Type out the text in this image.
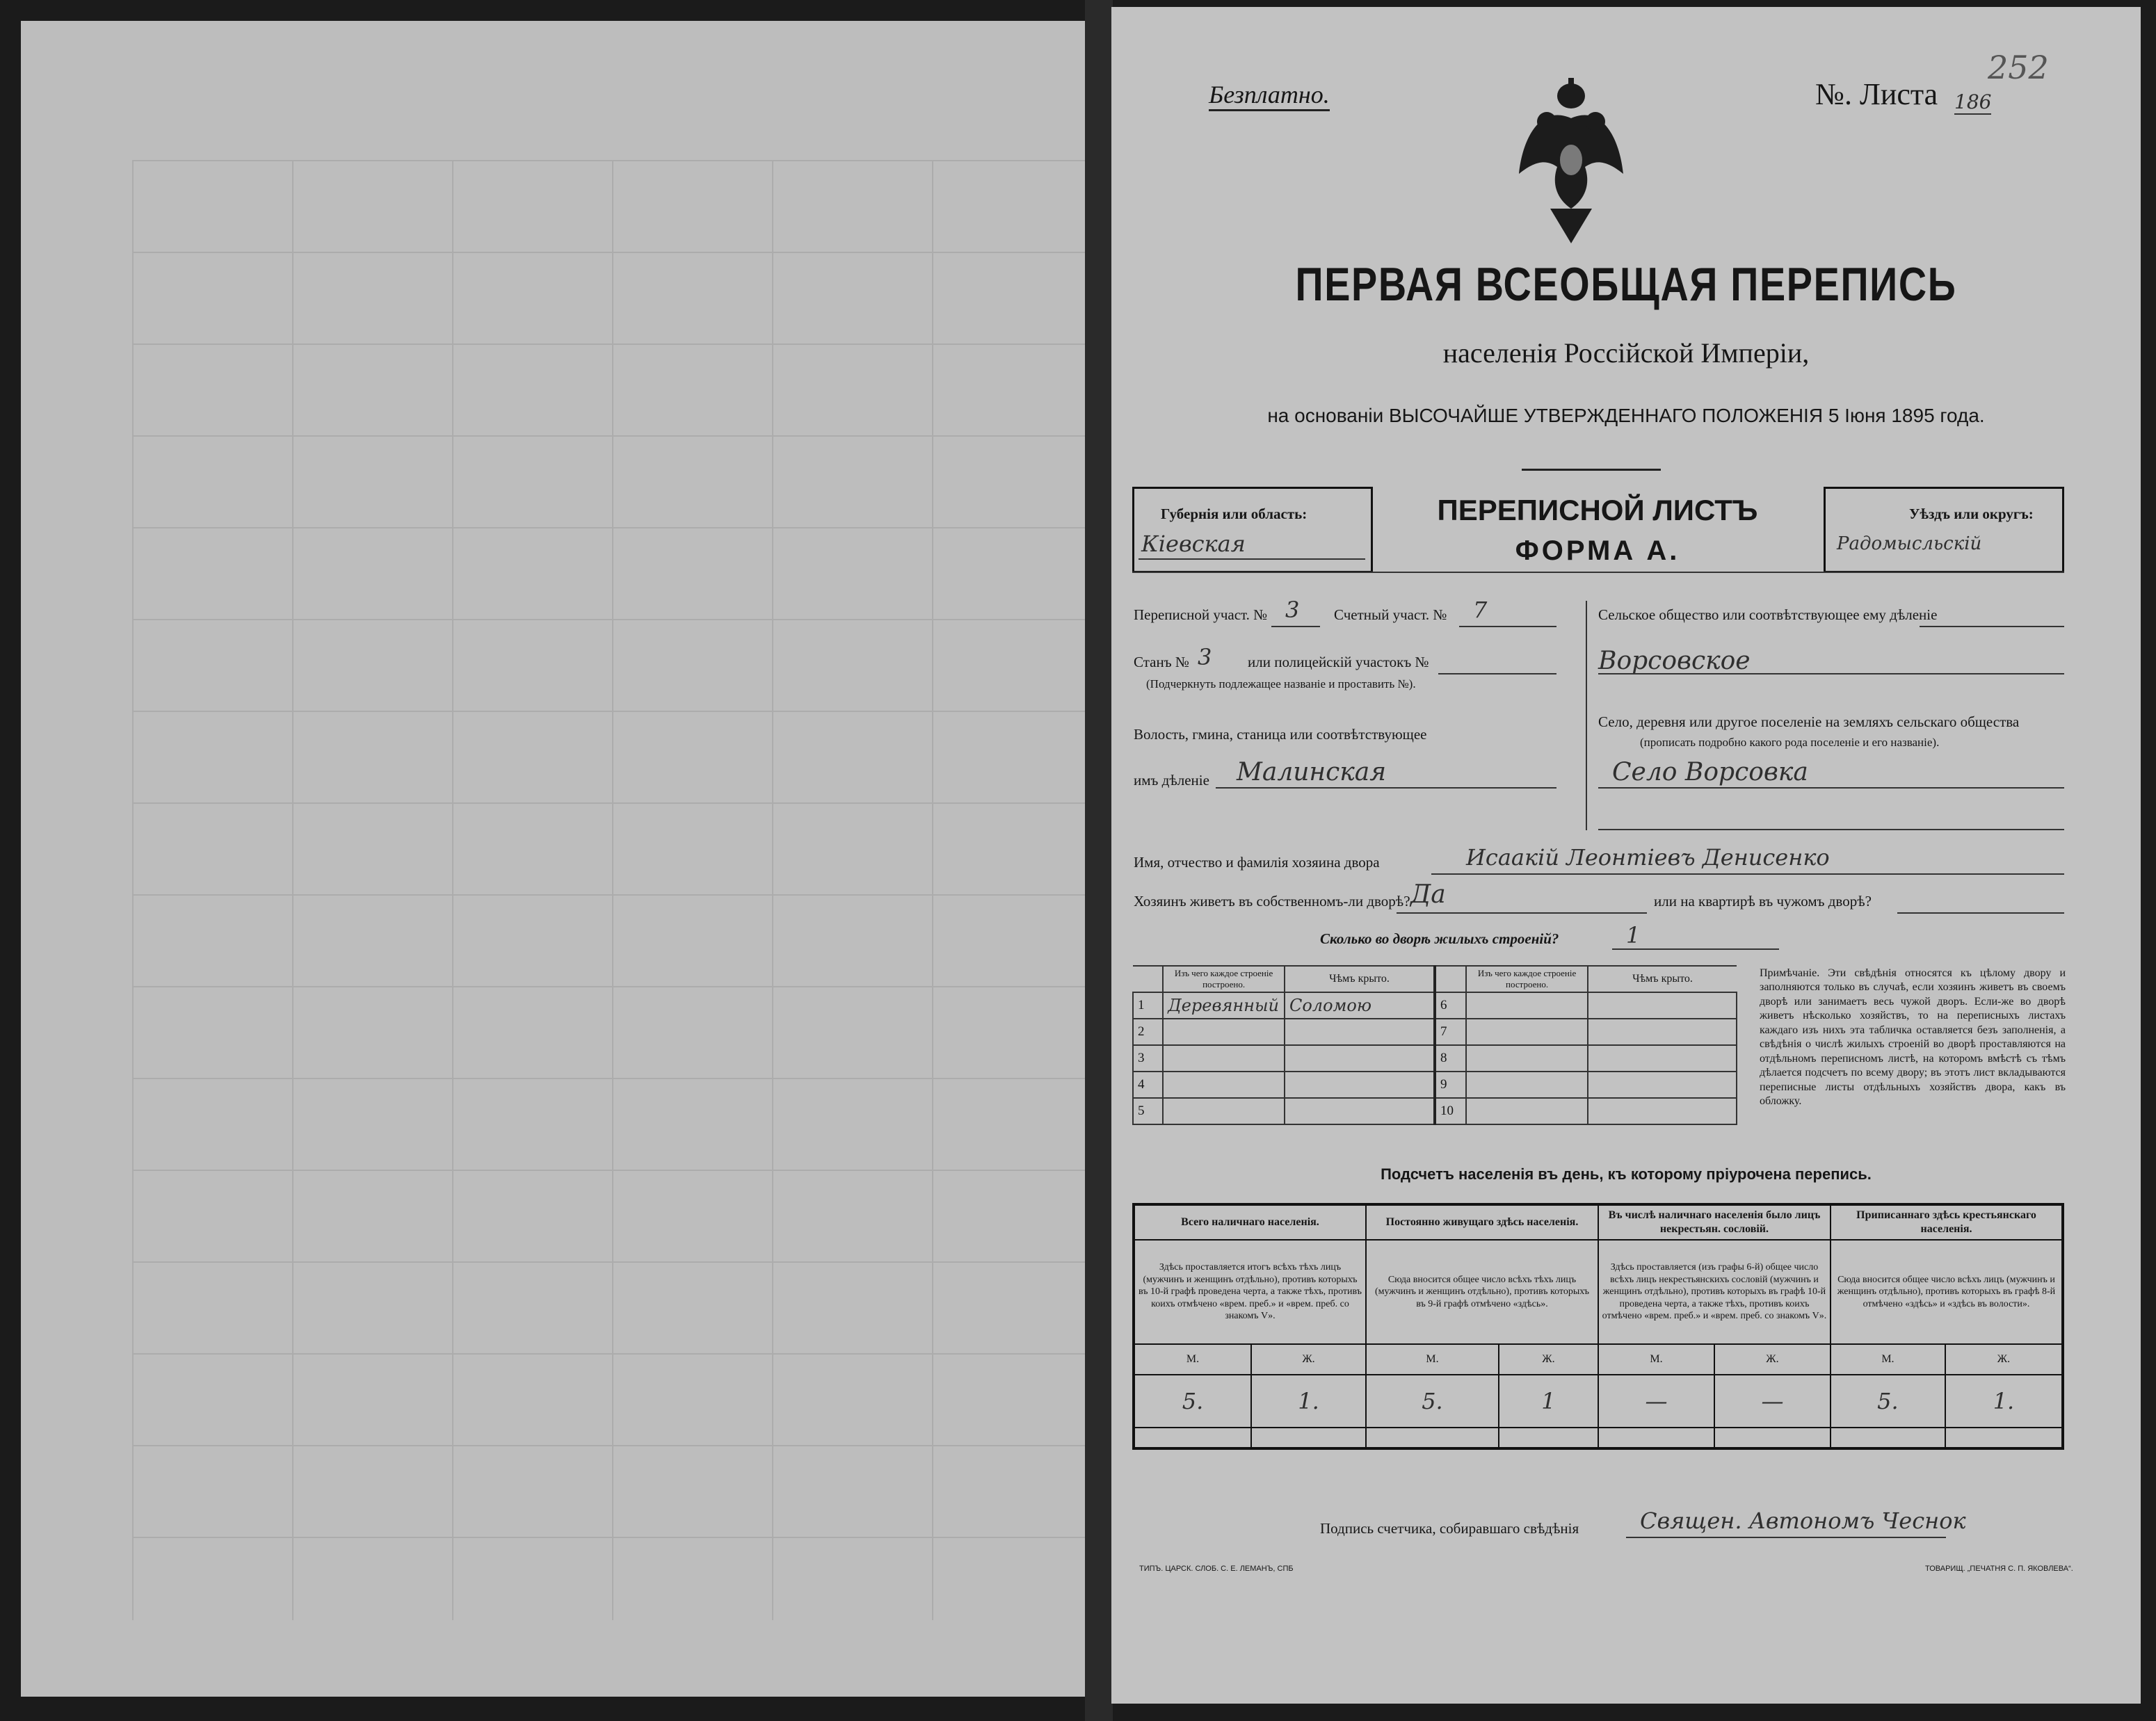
Безплатно.	№. Листа 186
252
ПЕРВАЯ ВСЕОБЩАЯ ПЕРЕПИСЬ
населенія Россійской Имперіи,
на основаніи ВЫСОЧАЙШЕ УТВЕРЖДЕННАГО ПОЛОЖЕНІЯ 5 Іюня 1895 года.
Губернія или область:
Кіевская
ПЕРЕПИСНОЙ ЛИСТЪ
ФОРМА А.
Уѣздъ или округъ:
Радомысльскій
Переписной участ. № 3 Счетный участ. № 7
Станъ № 3 или полицейскій участокъ №
(Подчеркнуть подлежащее названіе и проставить №).
Волость, гмина, станица или соотвѣтствующее
имъ дѣленіе Малинская
Сельское общество или соотвѣтствующее ему дѣленіе
Ворсовское
Село, деревня или другое поселеніе на земляхъ сельскаго общества
(прописать подробно какого рода поселеніе и его названіе).
Село Ворсовка
Имя, отчество и фамилія хозяина двора	Исаакій Леонтіевъ Денисенко
Хозяинъ живетъ въ собственномъ-ли дворѣ? Да	или на квартирѣ въ чужомъ дворѣ?
Сколько во дворѣ жилыхъ строеній?	1
	Изъ чего каждое строеніе построено.	Чѣмъ крыто.		Изъ чего каждое строеніе построено.	Чѣмъ крыто.
1	Деревянный	Соломою	6		
2			7		
3			8		
4			9		
5			10		
Примѣчаніе. Эти свѣдѣнія относятся къ цѣлому двору и заполняются только въ случаѣ, если хозяинъ живетъ въ своемъ дворѣ или занимаетъ весь чужой дворъ. Если-же во дворѣ живетъ нѣсколько хозяйствъ, то на переписныхъ листахъ каждаго изъ нихъ эта табличка оставляется безъ заполненія, а свѣдѣнія о числѣ жилыхъ строеній во дворѣ проставляются на отдѣльномъ переписномъ листѣ, на которомъ вмѣстѣ съ тѣмъ дѣлается подсчетъ по всему двору; въ этотъ лист вкладываются переписные листы отдѣльныхъ хозяйствъ двора, какъ въ обложку.
Подсчетъ населенія въ день, къ которому пріурочена перепись.
Всего наличнаго населенія.		Постоянно живущаго здѣсь населенія.		Въ числѣ наличнаго населенія было лицъ некрестьян. сословій.		Приписаннаго здѣсь крестьянскаго населенія.	
Здѣсь проставляется итогъ всѣхъ тѣхъ лицъ (мужчинъ и женщинъ отдѣльно), противъ которыхъ въ 10-й графѣ проведена черта, а также тѣхъ, противъ коихъ отмѣчено «врем. преб.» и «врем. преб. со знакомъ V».		Сюда вносится общее число всѣхъ тѣхъ лицъ (мужчинъ и женщинъ отдѣльно), противъ которыхъ въ 9-й графѣ отмѣчено «здѣсь».		Здѣсь проставляется (изъ графы 6-й) общее число всѣхъ лицъ некрестьянскихъ сословій (мужчинъ и женщинъ отдѣльно), противъ которыхъ въ графѣ 10-й проведена черта, а также тѣхъ, противъ коихъ отмѣчено «врем. преб.» и «врем. преб. со знакомъ V».		Сюда вносится общее число всѣхъ лицъ (мужчинъ и женщинъ отдѣльно), противъ которыхъ въ графѣ 8-й отмѣчено «здѣсь» и «здѣсь въ волости».	
М.	Ж.	М.	Ж.	М.	Ж.	М.	Ж.
5.	1.	5.	1	—	—	5.	1.

Подпись счетчика, собиравшаго свѣдѣнія	Священ. Автономъ Чеснок
ТИПЪ. ЦАРСК. СЛОБ. С. Е. ЛЕМАНЪ, СПБ	ТОВАРИЩ. „ПЕЧАТНЯ С. П. ЯКОВЛЕВА“.
